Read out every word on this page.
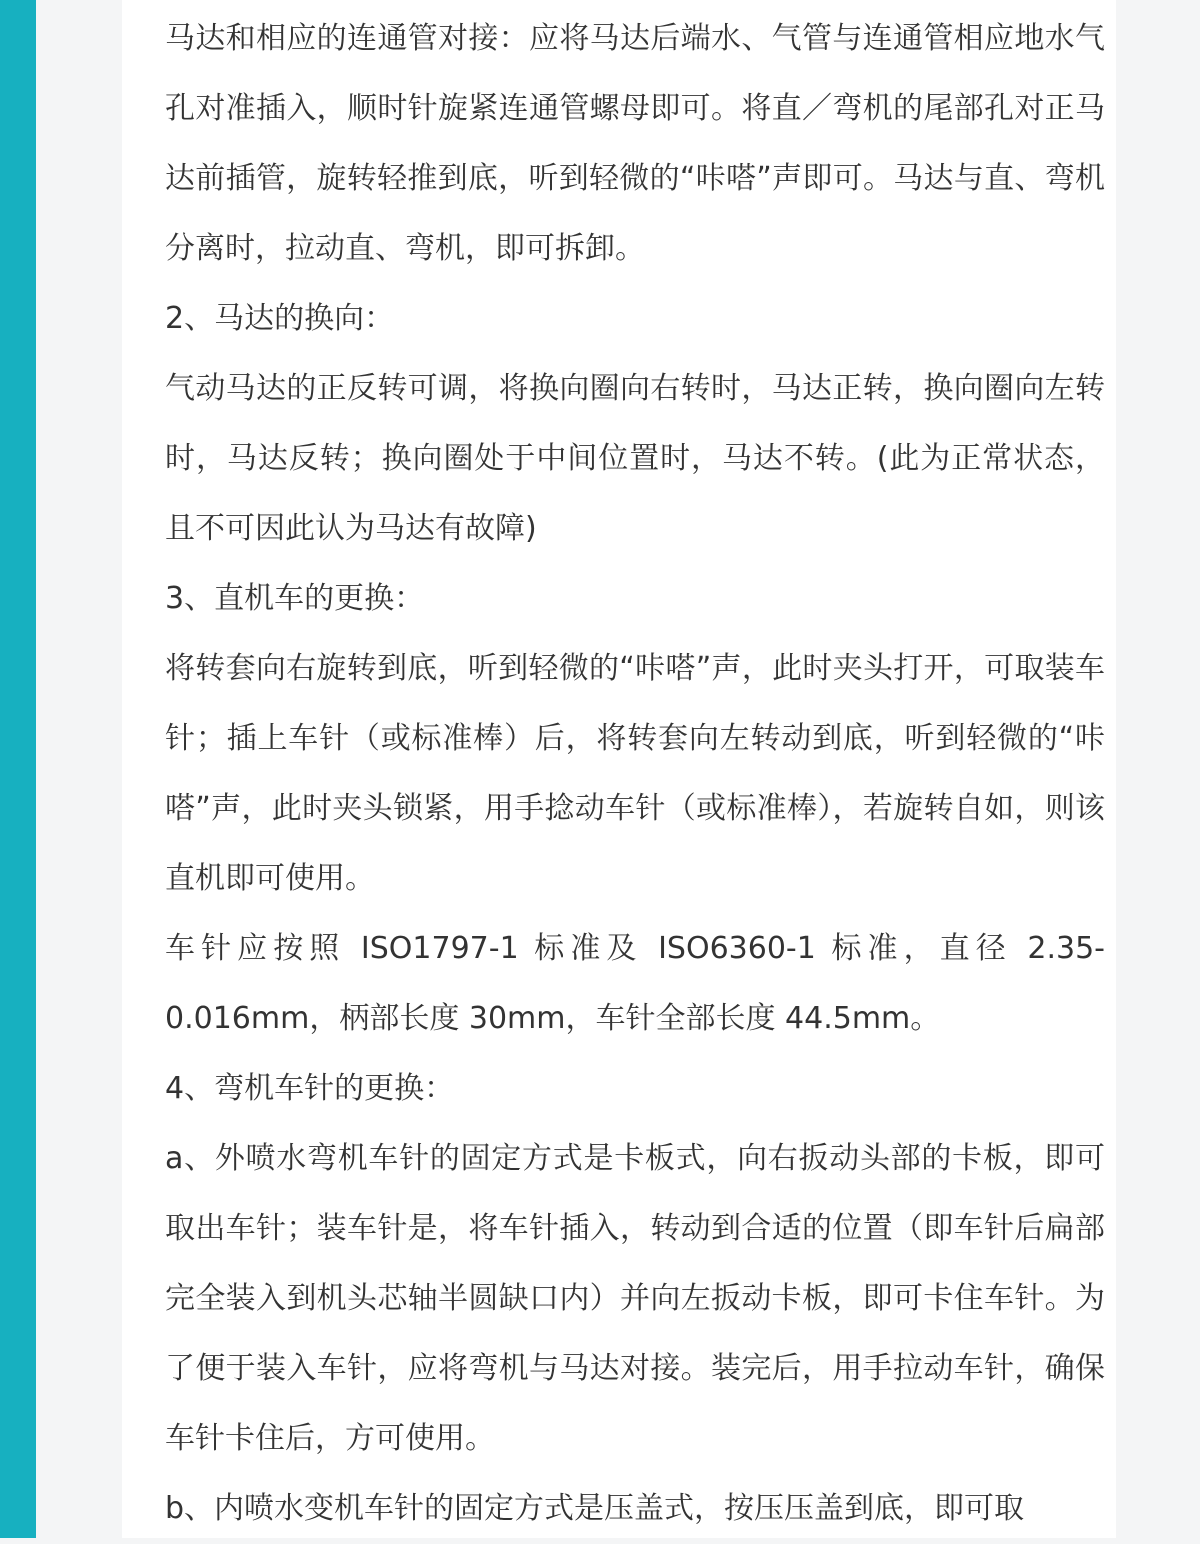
马达和相应的连通管对接：应将马达后端水、气管与连通管相应地水气孔对准插入，顺时针旋紧连通管螺母即可。将直／弯机的尾部孔对正马达前插管，旋转轻推到底，听到轻微的“咔嗒”声即可。马达与直、弯机分离时，拉动直、弯机，即可拆卸。

2、马达的换向：

气动马达的正反转可调，将换向圈向右转时，马达正转，换向圈向左转时，马达反转；换向圈处于中间位置时，马达不转。(此为正常状态，且不可因此认为马达有故障)

3、直机车的更换：

将转套向右旋转到底，听到轻微的“咔嗒”声，此时夹头打开，可取装车针；插上车针（或标准棒）后，将转套向左转动到底，听到轻微的“咔嗒”声，此时夹头锁紧，用手捻动车针（或标准棒），若旋转自如，则该直机即可使用。

车针应按照 ISO1797-1 标准及 ISO6360-1 标准，直径 2.35-0.016mm，柄部长度 30mm，车针全部长度 44.5mm。

4、弯机车针的更换：

a、外喷水弯机车针的固定方式是卡板式，向右扳动头部的卡板，即可取出车针；装车针是，将车针插入，转动到合适的位置（即车针后扁部完全装入到机头芯轴半圆缺口内）并向左扳动卡板，即可卡住车针。为了便于装入车针，应将弯机与马达对接。装完后，用手拉动车针，确保车针卡住后，方可使用。

b、内喷水变机车针的固定方式是压盖式，按压压盖到底，即可取
